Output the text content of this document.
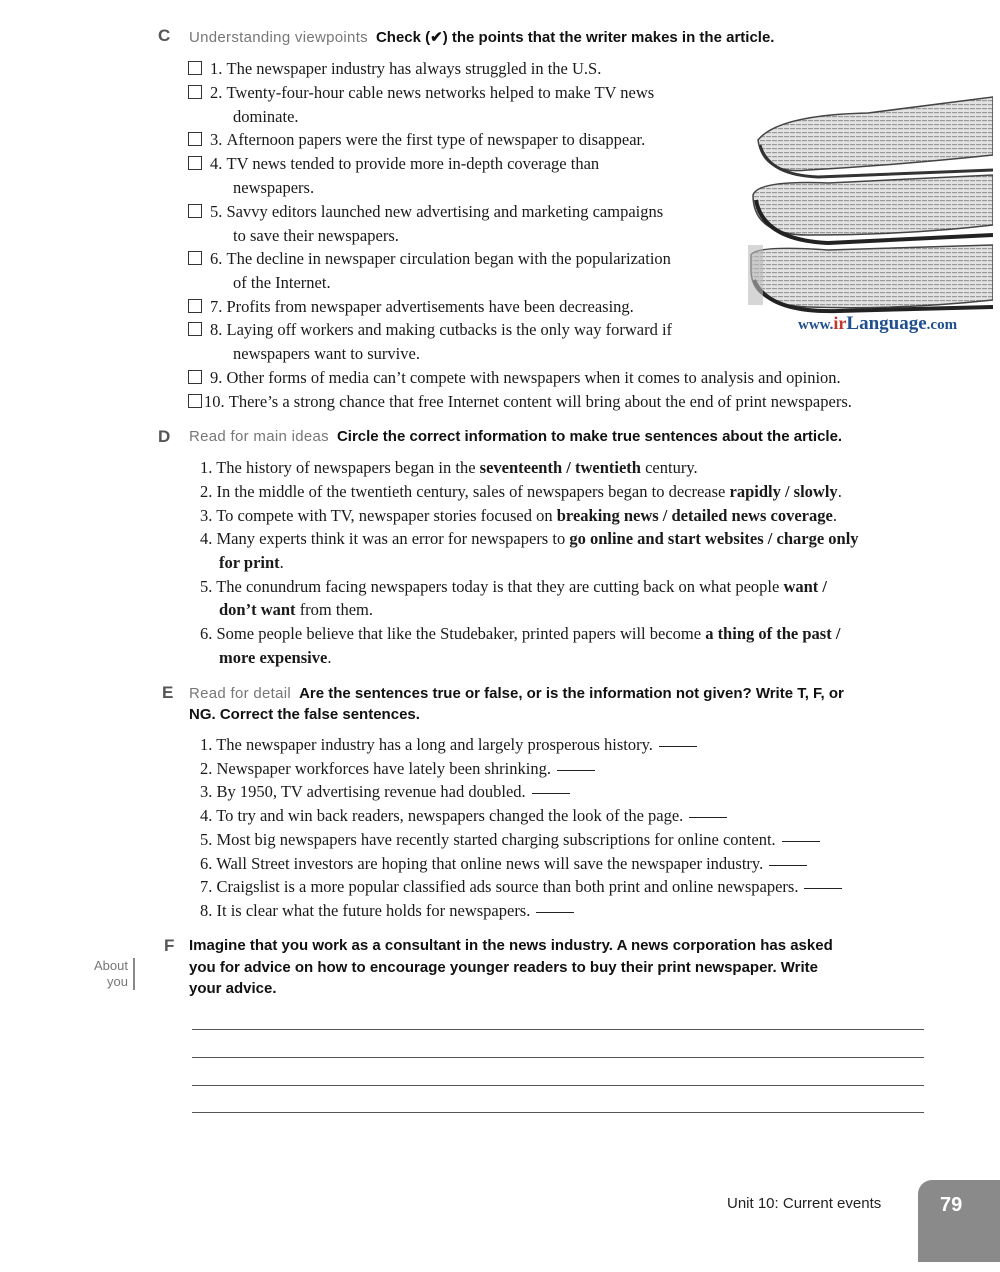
C Understanding viewpoints Check (✔) the points that the writer makes in the article.
1. The newspaper industry has always struggled in the U.S.
2. Twenty-four-hour cable news networks helped to make TV news
dominate.
3. Afternoon papers were the first type of newspaper to disappear.
4. TV news tended to provide more in-depth coverage than
newspapers.
5. Savvy editors launched new advertising and marketing campaigns
to save their newspapers.
6. The decline in newspaper circulation began with the popularization
of the Internet.
7. Profits from newspaper advertisements have been decreasing.
8. Laying off workers and making cutbacks is the only way forward if
newspapers want to survive.
9. Other forms of media can’t compete with newspapers when it comes to analysis and opinion.
10. There’s a strong chance that free Internet content will bring about the end of print newspapers.
www.irLanguage.com
D Read for main ideas Circle the correct information to make true sentences about the article.
1. The history of newspapers began in the seventeenth / twentieth century.
2. In the middle of the twentieth century, sales of newspapers began to decrease rapidly / slowly.
3. To compete with TV, newspaper stories focused on breaking news / detailed news coverage.
4. Many experts think it was an error for newspapers to go online and start websites / charge only
for print.
5. The conundrum facing newspapers today is that they are cutting back on what people want /
don’t want from them.
6. Some people believe that like the Studebaker, printed papers will become a thing of the past /
more expensive.
E Read for detail Are the sentences true or false, or is the information not given? Write T, F, or
NG. Correct the false sentences.
1. The newspaper industry has a long and largely prosperous history.
2. Newspaper workforces have lately been shrinking.
3. By 1950, TV advertising revenue had doubled.
4. To try and win back readers, newspapers changed the look of the page.
5. Most big newspapers have recently started charging subscriptions for online content.
6. Wall Street investors are hoping that online news will save the newspaper industry.
7. Craigslist is a more popular classified ads source than both print and online newspapers.
8. It is clear what the future holds for newspapers.
About
you
F Imagine that you work as a consultant in the news industry. A news corporation has asked
you for advice on how to encourage younger readers to buy their print newspaper. Write
your advice.
Unit 10: Current events	79
